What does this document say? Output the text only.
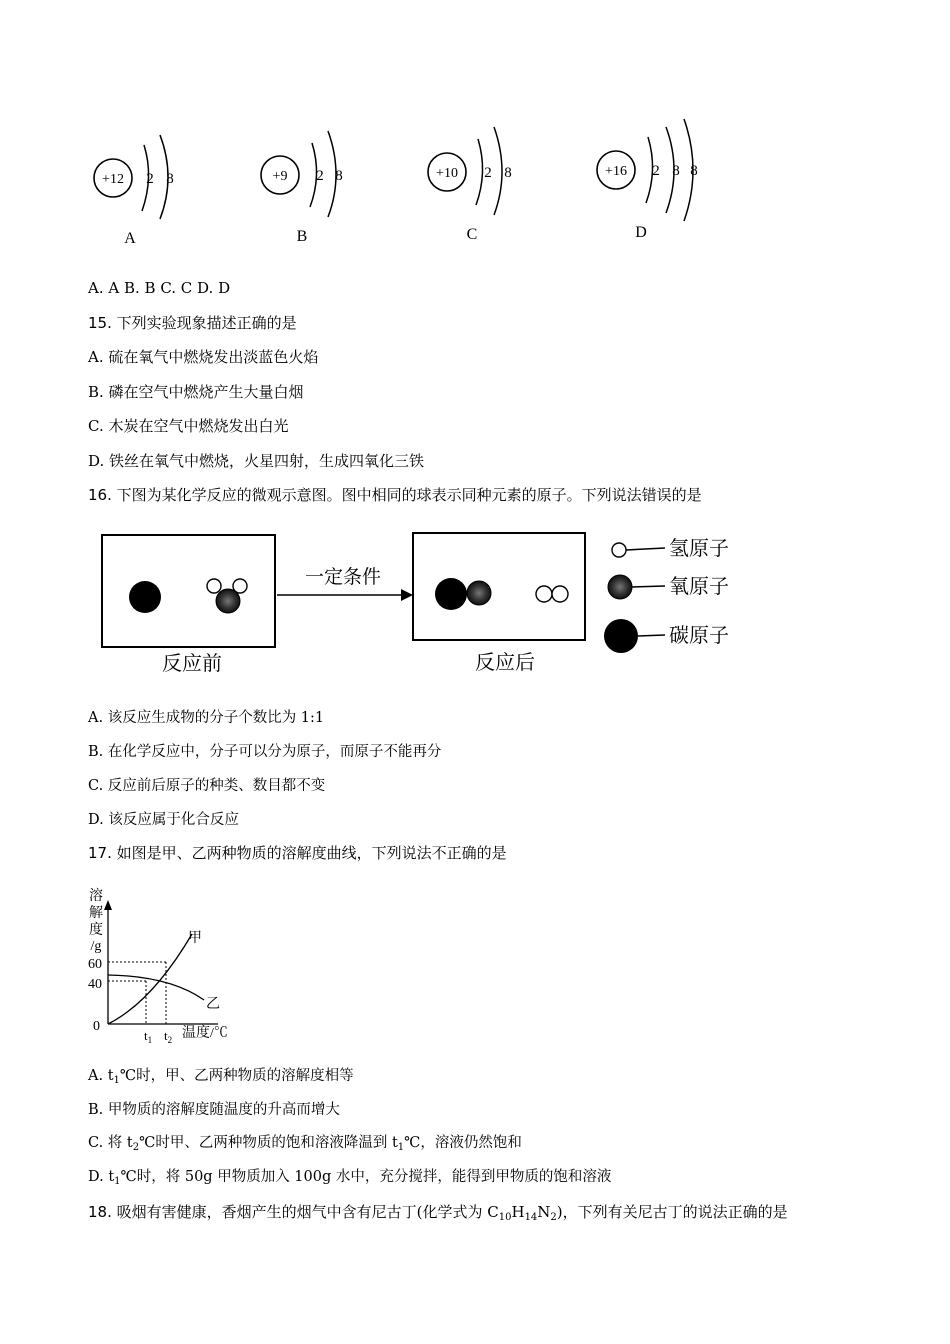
+12 2 8
A
+9 2 8
B
+10 2 8
C
+16 2 8 8
D
A. A B. B C. C D. D
15. 下列实验现象描述正确的是
A. 硫在氧气中燃烧发出淡蓝色火焰
B. 磷在空气中燃烧产生大量白烟
C. 木炭在空气中燃烧发出白光
D. 铁丝在氧气中燃烧，火星四射，生成四氧化三铁
16. 下图为某化学反应的微观示意图。图中相同的球表示同种元素的原子。下列说法错误的是
反应前
一定条件
反应后
氢原子
氧原子
碳原子
A. 该反应生成物的分子个数比为 1:1
B. 在化学反应中，分子可以分为原子，而原子不能再分
C. 反应前后原子的种类、数目都不变
D. 该反应属于化合反应
17. 如图是甲、乙两种物质的溶解度曲线，下列说法不正确的是
溶
解
度
/g
60
40
0
甲
乙
$t_1$ $t_2$ 温度/℃
A. $t_1℃$时，甲、乙两种物质的溶解度相等
B. 甲物质的溶解度随温度的升高而增大
C. 将 $t_2℃$时甲、乙两种物质的饱和溶液降温到 $t_1℃$，溶液仍然饱和
D. $t_1℃$时，将 50g 甲物质加入 100g 水中，充分搅拌，能得到甲物质的饱和溶液
18. 吸烟有害健康，香烟产生的烟气中含有尼古丁(化学式为 $C_{10}H_{14}N_2$)，下列有关尼古丁的说法正确的是
